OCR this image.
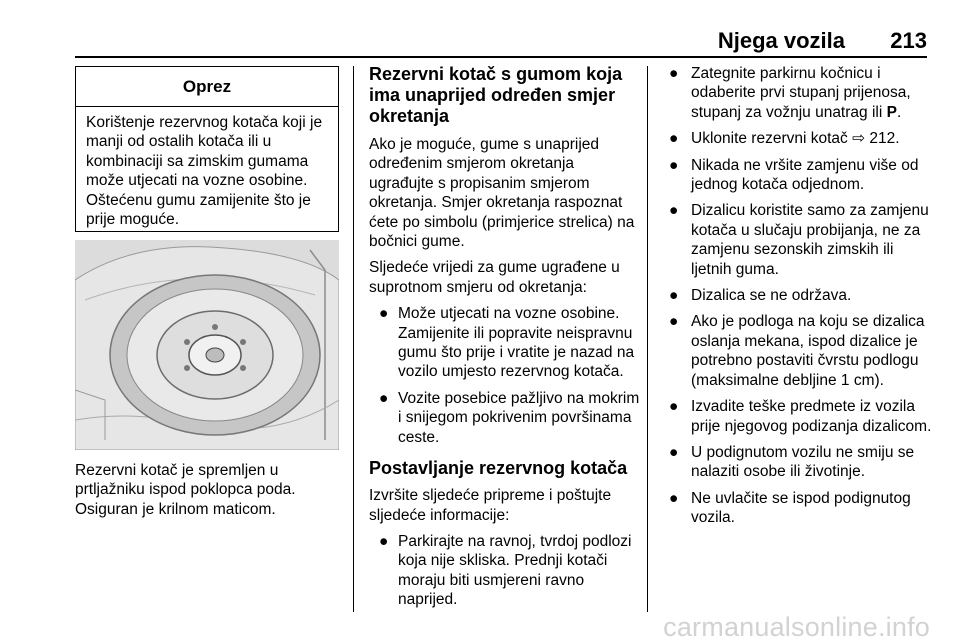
Njega vozila 213
Oprez
Korištenje rezervnog kotača koji je manji od ostalih kotača ili u kombinaciji sa zimskim gumama može utjecati na vozne osobine. Oštećenu gumu zamijenite što je prije moguće.
Rezervni kotač je spremljen u prtljažniku ispod poklopca poda. Osiguran je krilnom maticom.
Rezervni kotač s gumom koja ima unaprijed određen smjer okretanja

Ako je moguće, gume s unaprijed određenim smjerom okretanja ugrađujte s propisanim smjerom okretanja. Smjer okretanja raspoznat ćete po simbolu (primjerice strelica) na bočnici gume.

Sljedeće vrijedi za gume ugrađene u suprotnom smjeru od okretanja:

● Može utjecati na vozne osobine. Zamijenite ili popravite neispravnu gumu što prije i vratite je nazad na vozilo umjesto rezervnog kotača.
● Vozite posebice pažljivo na mokrim i snijegom pokrivenim površinama ceste.
Postavljanje rezervnog kotača

Izvršite sljedeće pripreme i poštujte sljedeće informacije:

● Parkirajte na ravnoj, tvrdoj podlozi koja nije skliska. Prednji kotači moraju biti usmjereni ravno naprijed.
● Zategnite parkirnu kočnicu i odaberite prvi stupanj prijenosa, stupanj za vožnju unatrag ili P.
● Uklonite rezervni kotač ⇨ 212.
● Nikada ne vršite zamjenu više od jednog kotača odjednom.
● Dizalicu koristite samo za zamjenu kotača u slučaju probijanja, ne za zamjenu sezonskih zimskih ili ljetnih guma.
● Dizalica se ne održava.
● Ako je podloga na koju se dizalica oslanja mekana, ispod dizalice je potrebno postaviti čvrstu podlogu (maksimalne debljine 1 cm).
● Izvadite teške predmete iz vozila prije njegovog podizanja dizalicom.
● U podignutom vozilu ne smiju se nalaziti osobe ili životinje.
● Ne uvlačite se ispod podignutog vozila.
carmanualsonline.info
